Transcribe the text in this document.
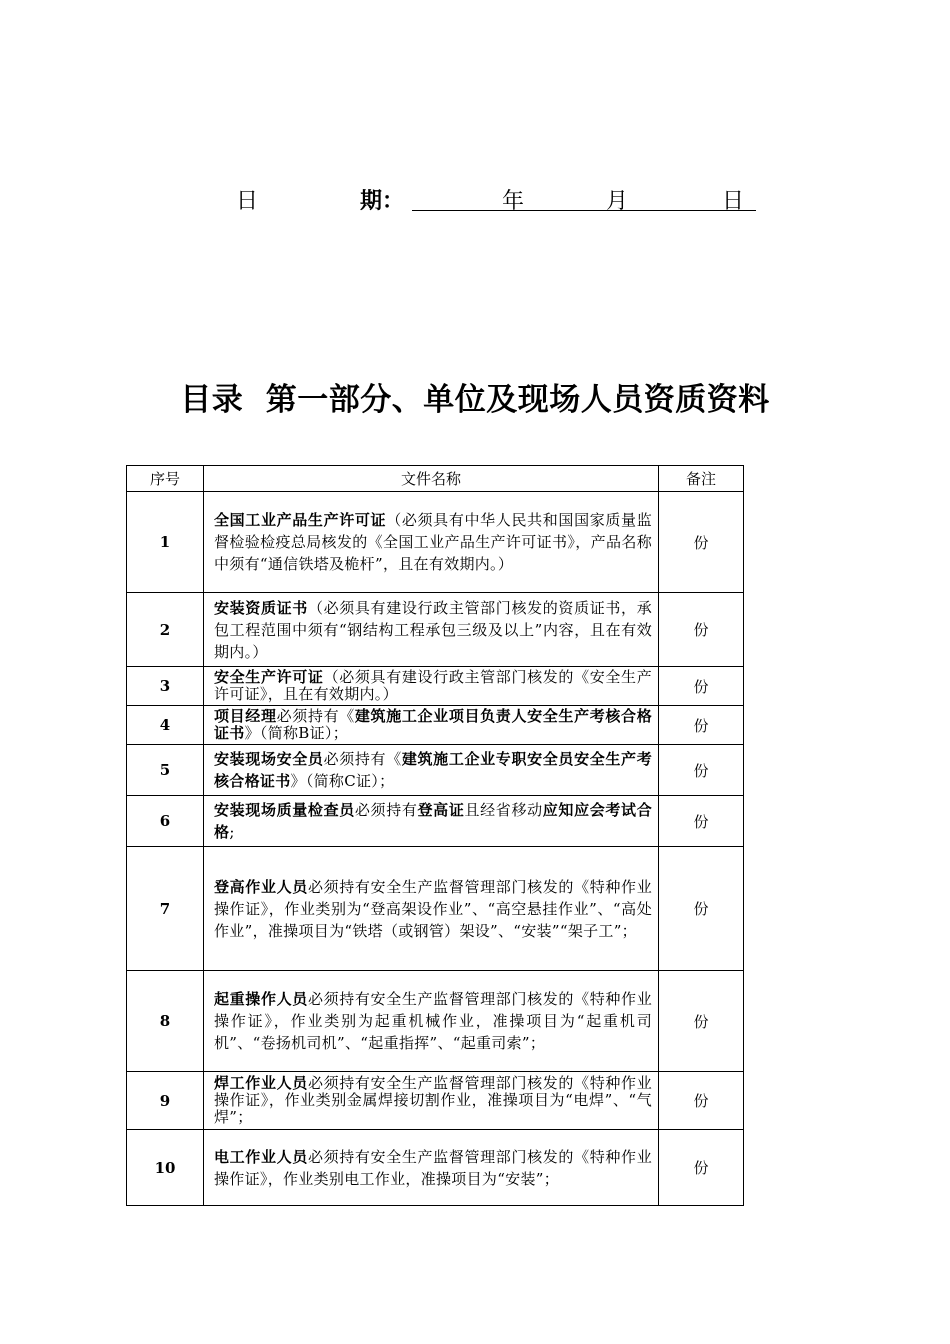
日	期：	年	月	日
目录  第一部分、单位及现场人员资质资料
序号	文件名称	备注
1	全国工业产品生产许可证（必须具有中华人民共和国国家质量监督检验检疫总局核发的《全国工业产品生产许可证书》，产品名称中须有“通信铁塔及桅杆”，且在有效期内。）	份
2	安装资质证书（必须具有建设行政主管部门核发的资质证书，承包工程范围中须有“钢结构工程承包三级及以上”内容，且在有效期内。）	份
3	安全生产许可证（必须具有建设行政主管部门核发的《安全生产许可证》，且在有效期内。）	份
4	项目经理必须持有《建筑施工企业项目负责人安全生产考核合格证书》（简称B证）；	份
5	安装现场安全员必须持有《建筑施工企业专职安全员安全生产考核合格证书》（简称C证）；	份
6	安装现场质量检查员必须持有登高证且经省移动应知应会考试合格;	份
7	登高作业人员必须持有安全生产监督管理部门核发的《特种作业操作证》，作业类别为“登高架设作业”、“高空悬挂作业”、“高处作业”，准操项目为“铁塔（或钢管）架设”、“安装”“架子工”；	份
8	起重操作人员必须持有安全生产监督管理部门核发的《特种作业操作证》，作业类别为起重机械作业，准操项目为“起重机司机”、“卷扬机司机”、“起重指挥”、“起重司索”；	份
9	焊工作业人员必须持有安全生产监督管理部门核发的《特种作业操作证》，作业类别金属焊接切割作业，准操项目为“电焊”、“气焊”；	份
10	电工作业人员必须持有安全生产监督管理部门核发的《特种作业操作证》，作业类别电工作业，准操项目为“安装”；	份
